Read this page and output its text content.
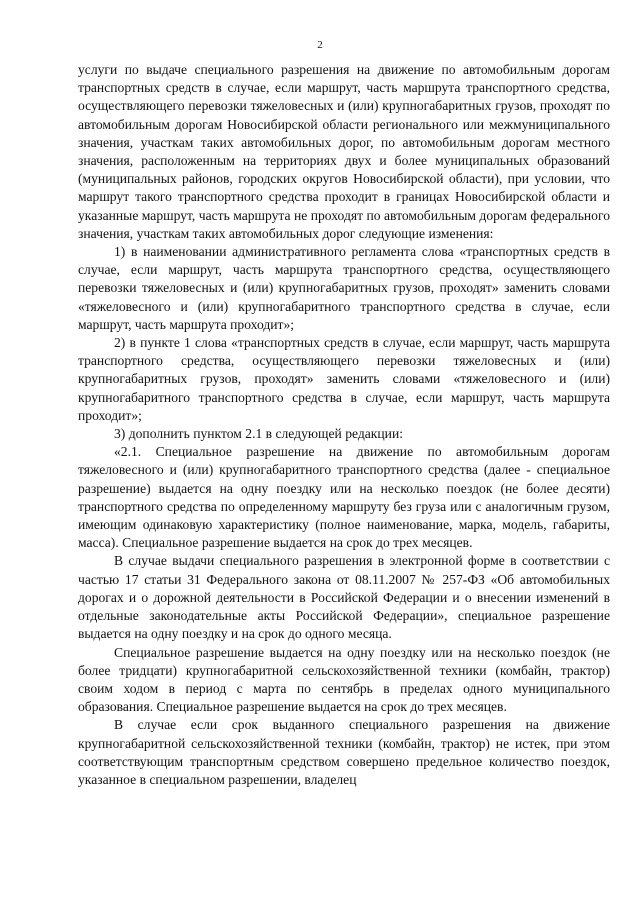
2

услуги по выдаче специального разрешения на движение по автомобильным дорогам транспортных средств в случае, если маршрут, часть маршрута транспортного средства, осуществляющего перевозки тяжеловесных и (или) крупногабаритных грузов, проходят по автомобильным дорогам Новосибирской области регионального или межмуниципального значения, участкам таких автомобильных дорог, по автомобильным дорогам местного значения, расположенным на территориях двух и более муниципальных образований (муниципальных районов, городских округов Новосибирской области), при условии, что маршрут такого транспортного средства проходит в границах Новосибирской области и указанные маршрут, часть маршрута не проходят по автомобильным дорогам федерального значения, участкам таких автомобильных дорог следующие изменения:

1) в наименовании административного регламента слова «транспортных средств в случае, если маршрут, часть маршрута транспортного средства, осуществляющего перевозки тяжеловесных и (или) крупногабаритных грузов, проходят» заменить словами «тяжеловесного и (или) крупногабаритного транспортного средства в случае, если маршрут, часть маршрута проходит»;

2) в пункте 1 слова «транспортных средств в случае, если маршрут, часть маршрута транспортного средства, осуществляющего перевозки тяжеловесных и (или) крупногабаритных грузов, проходят» заменить словами «тяжеловесного и (или) крупногабаритного транспортного средства в случае, если маршрут, часть маршрута проходит»;

3) дополнить пунктом 2.1 в следующей редакции:

«2.1. Специальное разрешение на движение по автомобильным дорогам тяжеловесного и (или) крупногабаритного транспортного средства (далее - специальное разрешение) выдается на одну поездку или на несколько поездок (не более десяти) транспортного средства по определенному маршруту без груза или с аналогичным грузом, имеющим одинаковую характеристику (полное наименование, марка, модель, габариты, масса). Специальное разрешение выдается на срок до трех месяцев.

В случае выдачи специального разрешения в электронной форме в соответствии с частью 17 статьи 31 Федерального закона от 08.11.2007 № 257-ФЗ «Об автомобильных дорогах и о дорожной деятельности в Российской Федерации и о внесении изменений в отдельные законодательные акты Российской Федерации», специальное разрешение выдается на одну поездку и на срок до одного месяца.

Специальное разрешение выдается на одну поездку или на несколько поездок (не более тридцати) крупногабаритной сельскохозяйственной техники (комбайн, трактор) своим ходом в период с марта по сентябрь в пределах одного муниципального образования. Специальное разрешение выдается на срок до трех месяцев.

В случае если срок выданного специального разрешения на движение крупногабаритной сельскохозяйственной техники (комбайн, трактор) не истек, при этом соответствующим транспортным средством совершено предельное количество поездок, указанное в специальном разрешении, владелец
